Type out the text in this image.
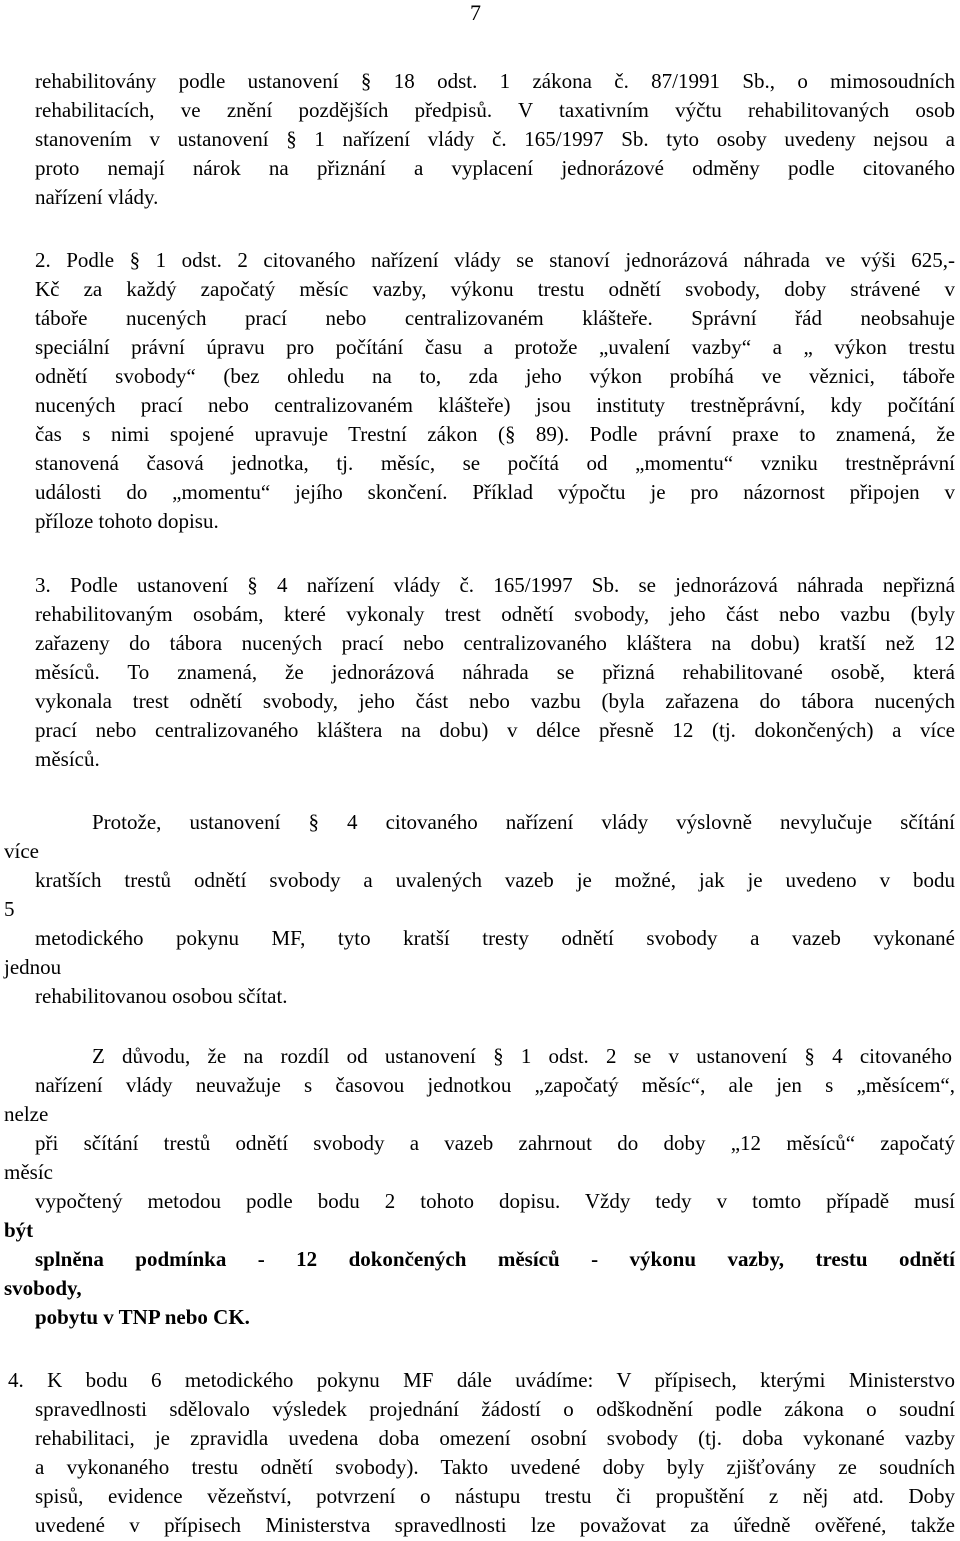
7
rehabilitovány podle ustanovení § 18 odst. 1 zákona č. 87/1991 Sb., o mimosoudních
rehabilitacích, ve znění pozdějších předpisů. V taxativním výčtu rehabilitovaných osob
stanovením v ustanovení § 1 nařízení vlády č. 165/1997 Sb. tyto osoby uvedeny nejsou a
proto nemají nárok na přiznání a vyplacení jednorázové odměny podle citovaného
nařízení vlády.
2. Podle § 1 odst. 2 citovaného nařízení vlády se stanoví jednorázová náhrada ve výši 625,-
Kč za každý započatý měsíc vazby, výkonu trestu odnětí svobody, doby strávené v
táboře nucených prací nebo centralizovaném klášteře. Správní řád neobsahuje
speciální právní úpravu pro počítání času a protože „uvalení vazby“ a „ výkon trestu
odnětí svobody“ (bez ohledu na to, zda jeho výkon probíhá ve věznici, táboře
nucených prací nebo centralizovaném klášteře) jsou instituty trestněprávní, kdy počítání
čas s nimi spojené upravuje Trestní zákon (§ 89). Podle právní praxe to znamená, že
stanovená časová jednotka, tj. měsíc, se počítá od „momentu“ vzniku trestněprávní
události do „momentu“ jejího skončení. Příklad výpočtu je pro názornost připojen v
příloze tohoto dopisu.
3. Podle ustanovení § 4 nařízení vlády č. 165/1997 Sb. se jednorázová náhrada nepřizná
rehabilitovaným osobám, které vykonaly trest odnětí svobody, jeho část nebo vazbu (byly
zařazeny do tábora nucených prací nebo centralizovaného kláštera na dobu) kratší než 12
měsíců. To znamená, že jednorázová náhrada se přizná rehabilitované osobě, která
vykonala trest odnětí svobody, jeho část nebo vazbu (byla zařazena do tábora nucených
prací nebo centralizovaného kláštera na dobu) v délce přesně 12 (tj. dokončených) a více
měsíců.
Protože, ustanovení § 4 citovaného nařízení vlády výslovně nevylučuje sčítání
více
kratších trestů odnětí svobody a uvalených vazeb je možné, jak je uvedeno v bodu
5
metodického pokynu MF, tyto kratší tresty odnětí svobody a vazeb vykonané
jednou
rehabilitovanou osobou sčítat.
Z důvodu, že na rozdíl od ustanovení § 1 odst. 2 se v ustanovení § 4 citovaného
nařízení vlády neuvažuje s časovou jednotkou „započatý měsíc“, ale jen s „měsícem“,
nelze
při sčítání trestů odnětí svobody a vazeb zahrnout do doby „12 měsíců“ započatý
měsíc
vypočtený metodou podle bodu 2 tohoto dopisu. Vždy tedy v tomto případě musí
být
splněna podmínka - 12 dokončených měsíců - výkonu vazby, trestu odnětí
svobody,
pobytu v TNP nebo CK.
4. K bodu 6 metodického pokynu MF dále uvádíme: V přípisech, kterými Ministerstvo
spravedlnosti sdělovalo výsledek projednání žádostí o odškodnění podle zákona o soudní
rehabilitaci, je zpravidla uvedena doba omezení osobní svobody (tj. doba vykonané vazby
a vykonaného trestu odnětí svobody). Takto uvedené doby byly zjišťovány ze soudních
spisů, evidence vězeňství, potvrzení o nástupu trestu či propuštění z něj atd. Doby
uvedené v přípisech Ministerstva spravedlnosti lze považovat za úředně ověřené, takže
